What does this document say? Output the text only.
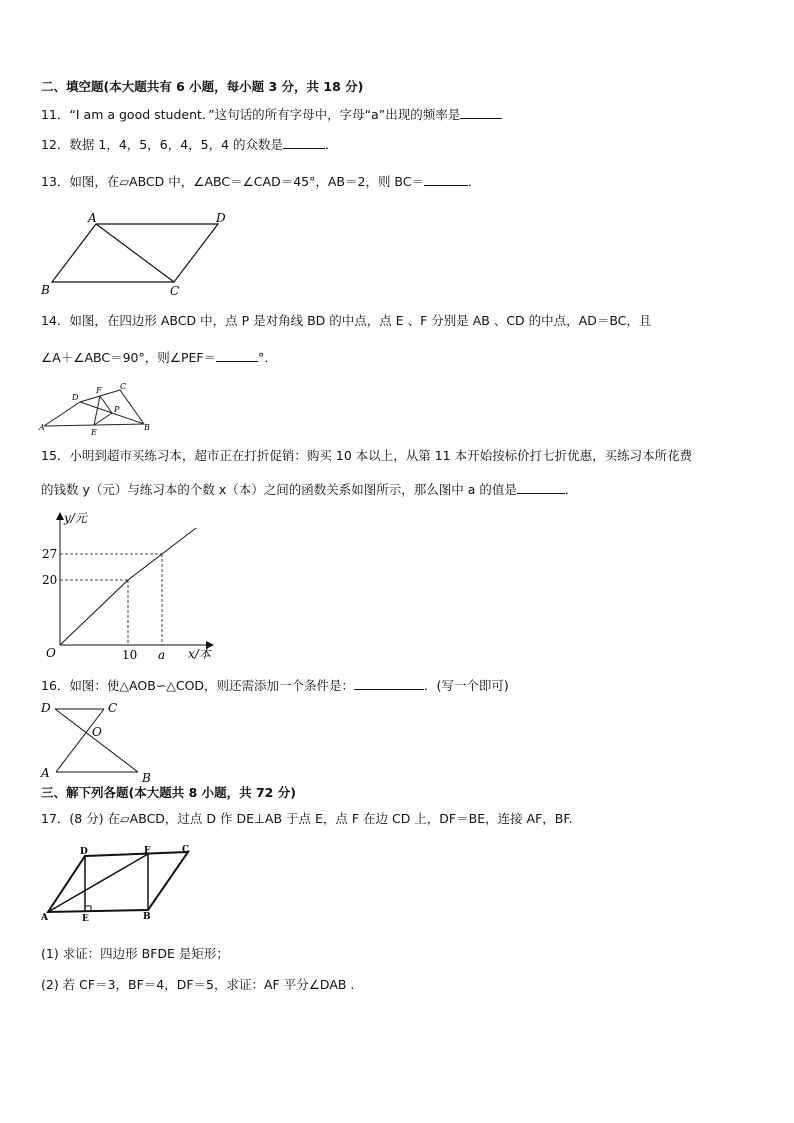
二、填空题(本大题共有 6 小题，每小题 3 分，共 18 分)
11．“I am a good student．”这句话的所有字母中，字母“a”出现的频率是
12．数据 1，4，5，6，4，5，4 的众数是	．
13．如图，在▱ABCD 中，∠ABC＝∠CAD＝45°，AB＝2，则 BC＝	．
A	D
B	C
14．如图，在四边形 ABCD 中，点 P 是对角线 BD 的中点，点 E 、F 分别是 AB 、CD 的中点，AD＝BC，且
∠A＋∠ABC＝90°，则∠PEF＝	°．
A
D
F C
P
B
E
15．小明到超市买练习本，超市正在打折促销：购买 10 本以上，从第 11 本开始按标价打七折优惠，买练习本所花费
的钱数 y（元）与练习本的个数 x（本）之间的函数关系如图所示，那么图中 a 的值是	．
y/元
x/本
O
27
20
10 a
16．如图：使△AOB∽△COD，则还需添加一个条件是：	．(写一个即可)
D	C
O
A	B
三、解下列各题(本大题共 8 小题，共 72 分)
17．(8 分) 在▱ABCD，过点 D 作 DE⊥AB 于点 E，点 F 在边 CD 上，DF＝BE，连接 AF，BF.
A	E
D	F	C
B
(1) 求证：四边形 BFDE 是矩形；
(2) 若 CF＝3，BF＝4，DF＝5，求证：AF 平分∠DAB .
